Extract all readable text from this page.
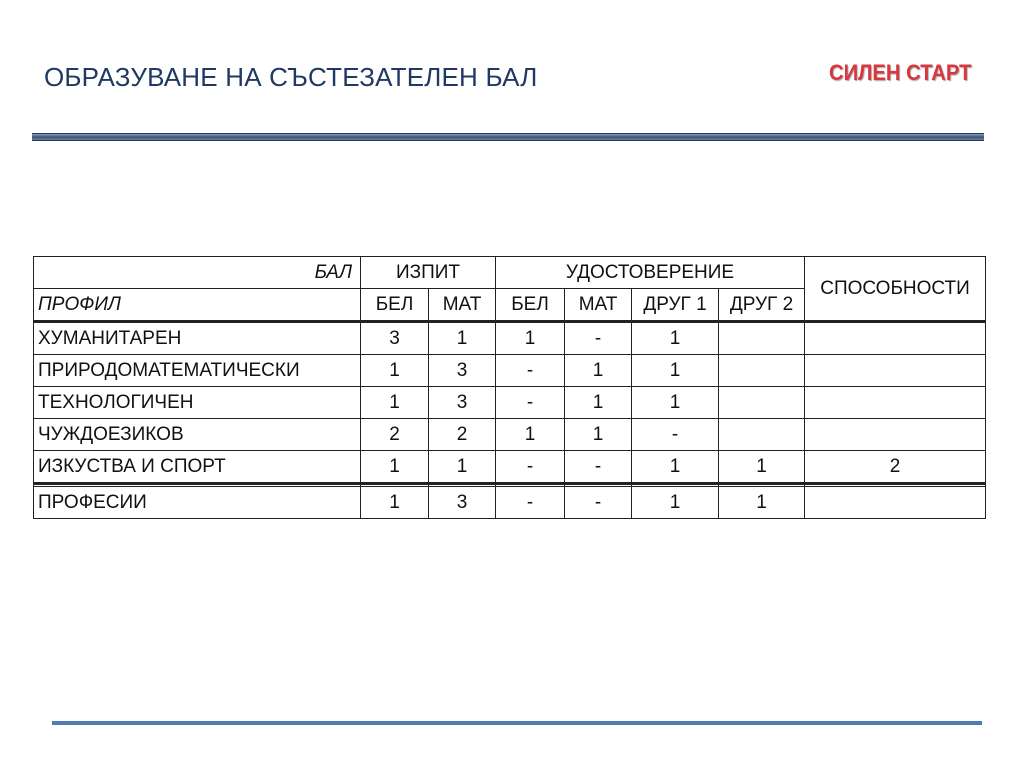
ОБРАЗУВАНЕ НА СЪСТЕЗАТЕЛЕН БАЛ	СИЛЕН СТАРТ
БАЛ	ИЗПИТ		УДОСТОВЕРЕНИЕ				СПОСОБНОСТИ
ПРОФИЛ	БЕЛ	МАТ	БЕЛ	МАТ	ДРУГ 1	ДРУГ 2	
ХУМАНИТАРЕН	3	1	1	-	1		
ПРИРОДОМАТЕМАТИЧЕСКИ	1	3	-	1	1		
ТЕХНОЛОГИЧЕН	1	3	-	1	1		
ЧУЖДОЕЗИКОВ	2	2	1	1	-		
ИЗКУСТВА И СПОРТ	1	1	-	-	1	1	2

ПРОФЕСИИ	1	3	-	-	1	1	
